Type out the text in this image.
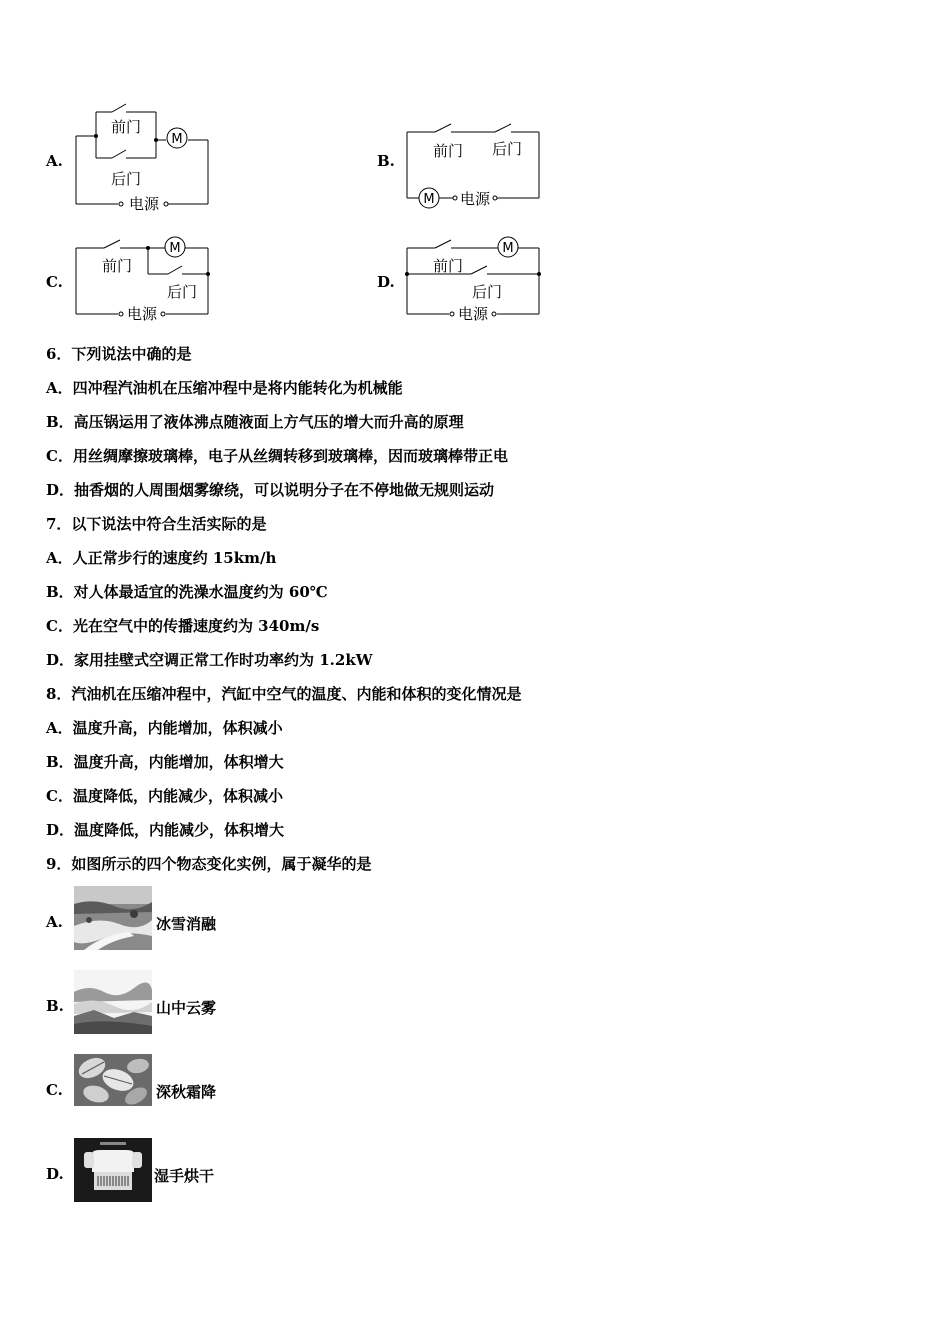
A.
M
前门
后门
电源
B.
M
前门 后门
电源
C.
M
前门
后门
电源
D.
M
前门
后门
电源
6．下列说法中确的是
A．四冲程汽油机在压缩冲程中是将内能转化为机械能
B．高压锅运用了液体沸点随液面上方气压的增大而升高的原理
C．用丝绸摩擦玻璃棒，电子从丝绸转移到玻璃棒，因而玻璃棒带正电
D．抽香烟的人周围烟雾缭绕，可以说明分子在不停地做无规则运动
7．以下说法中符合生活实际的是
A．人正常步行的速度约 15km/h
B．对人体最适宜的洗澡水温度约为 60℃
C．光在空气中的传播速度约为 340m/s
D．家用挂壁式空调正常工作时功率约为 1.2kW
8．汽油机在压缩冲程中，汽缸中空气的温度、内能和体积的变化情况是
A．温度升高，内能增加，体积减小
B．温度升高，内能增加，体积增大
C．温度降低，内能减少，体积减小
D．温度降低，内能减少，体积增大
9．如图所示的四个物态变化实例，属于凝华的是
A.	冰雪消融
B.	山中云雾
C.	深秋霜降
D.	湿手烘干
